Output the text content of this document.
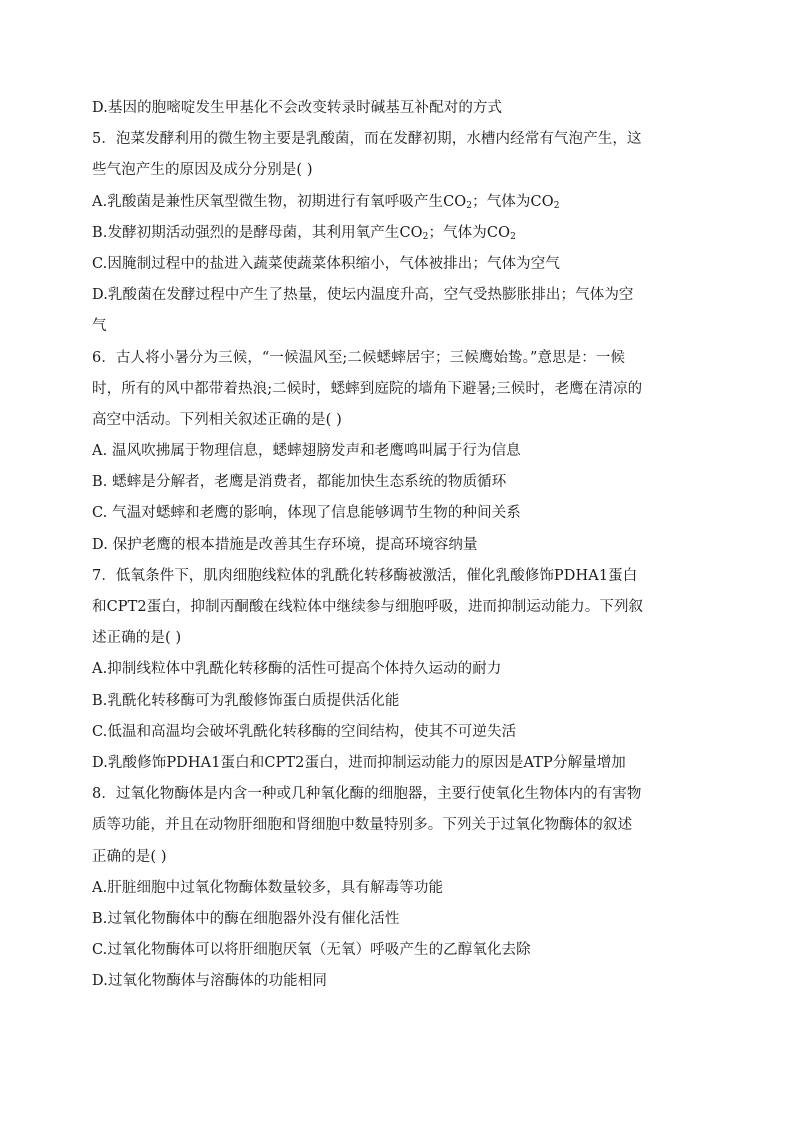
D.基因的胞嘧啶发生甲基化不会改变转录时碱基互补配对的方式
5．泡菜发酵利用的微生物主要是乳酸菌，而在发酵初期，水槽内经常有气泡产生，这
些气泡产生的原因及成分分别是( )
A.乳酸菌是兼性厌氧型微生物，初期进行有氧呼吸产生$CO_2$；气体为$CO_2$
B.发酵初期活动强烈的是酵母菌，其利用氧产生$CO_2$；气体为$CO_2$
C.因腌制过程中的盐进入蔬菜使蔬菜体积缩小，气体被排出；气体为空气
D.乳酸菌在发酵过程中产生了热量，使坛内温度升高，空气受热膨胀排出；气体为空
气
6．古人将小暑分为三候，“一候温风至;二候蟋蟀居宇；三候鹰始鸷。”意思是：一候
时，所有的风中都带着热浪;二候时，蟋蟀到庭院的墙角下避暑;三候时，老鹰在清凉的
高空中活动。下列相关叙述正确的是( )
A. 温风吹拂属于物理信息，蟋蟀翅膀发声和老鹰鸣叫属于行为信息
B. 蟋蟀是分解者，老鹰是消费者，都能加快生态系统的物质循环
C. 气温对蟋蟀和老鹰的影响，体现了信息能够调节生物的种间关系
D. 保护老鹰的根本措施是改善其生存环境，提高环境容纳量
7．低氧条件下，肌肉细胞线粒体的乳酰化转移酶被激活，催化乳酸修饰PDHA1蛋白
和CPT2蛋白，抑制丙酮酸在线粒体中继续参与细胞呼吸，进而抑制运动能力。下列叙
述正确的是( )
A.抑制线粒体中乳酰化转移酶的活性可提高个体持久运动的耐力
B.乳酰化转移酶可为乳酸修饰蛋白质提供活化能
C.低温和高温均会破坏乳酰化转移酶的空间结构，使其不可逆失活
D.乳酸修饰PDHA1蛋白和CPT2蛋白，进而抑制运动能力的原因是ATP分解量增加
8．过氧化物酶体是内含一种或几种氧化酶的细胞器，主要行使氧化生物体内的有害物
质等功能，并且在动物肝细胞和肾细胞中数量特别多。下列关于过氧化物酶体的叙述
正确的是( )
A.肝脏细胞中过氧化物酶体数量较多，具有解毒等功能
B.过氧化物酶体中的酶在细胞器外没有催化活性
C.过氧化物酶体可以将肝细胞厌氧（无氧）呼吸产生的乙醇氧化去除
D.过氧化物酶体与溶酶体的功能相同
